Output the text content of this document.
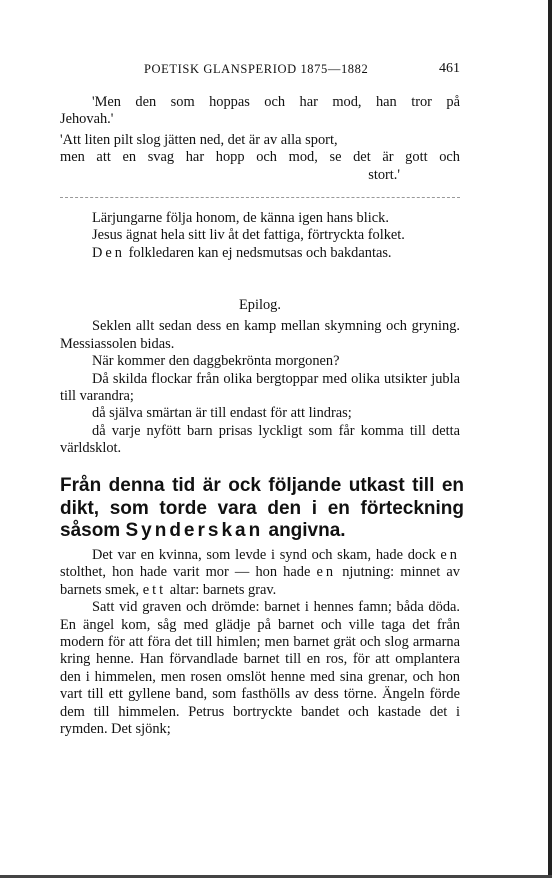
POETISK GLANSPERIOD 1875—1882	461

'Men den som hoppas och har mod, han tror på

Jehovah.'

'Att liten pilt slog jätten ned, det är av alla sport,

men att en svag har hopp och mod, se det är gott och

stort.'

Lärjungarne följa honom, de känna igen hans blick.

Jesus ägnat hela sitt liv åt det fattiga, förtryckta folket.

Den folkledaren kan ej nedsmutsas och bakdantas.

Epilog.

Seklen allt sedan dess en kamp mellan skymning och gryning. Messiassolen bidas.

När kommer den daggbekrönta morgonen?

Då skilda flockar från olika bergtoppar med olika utsikter jubla till varandra;

då själva smärtan är till endast för att lindras;

då varje nyfött barn prisas lyckligt som får komma till detta världsklot.

Från denna tid är ock följande utkast till en dikt, som torde vara den i en förteckning såsom Synderskan angivna.

Det var en kvinna, som levde i synd och skam, hade dock en stolthet, hon hade varit mor — hon hade en njutning: minnet av barnets smek, ett altar: barnets grav.

Satt vid graven och drömde: barnet i hennes famn; båda döda. En ängel kom, såg med glädje på barnet och ville taga det från modern för att föra det till himlen; men barnet grät och slog armarna kring henne. Han förvandlade barnet till en ros, för att omplantera den i himmelen, men rosen omslöt henne med sina grenar, och hon vart till ett gyllene band, som fasthölls av dess törne. Ängeln förde dem till himmelen. Petrus bortryckte bandet och kastade det i rymden. Det sjönk;
